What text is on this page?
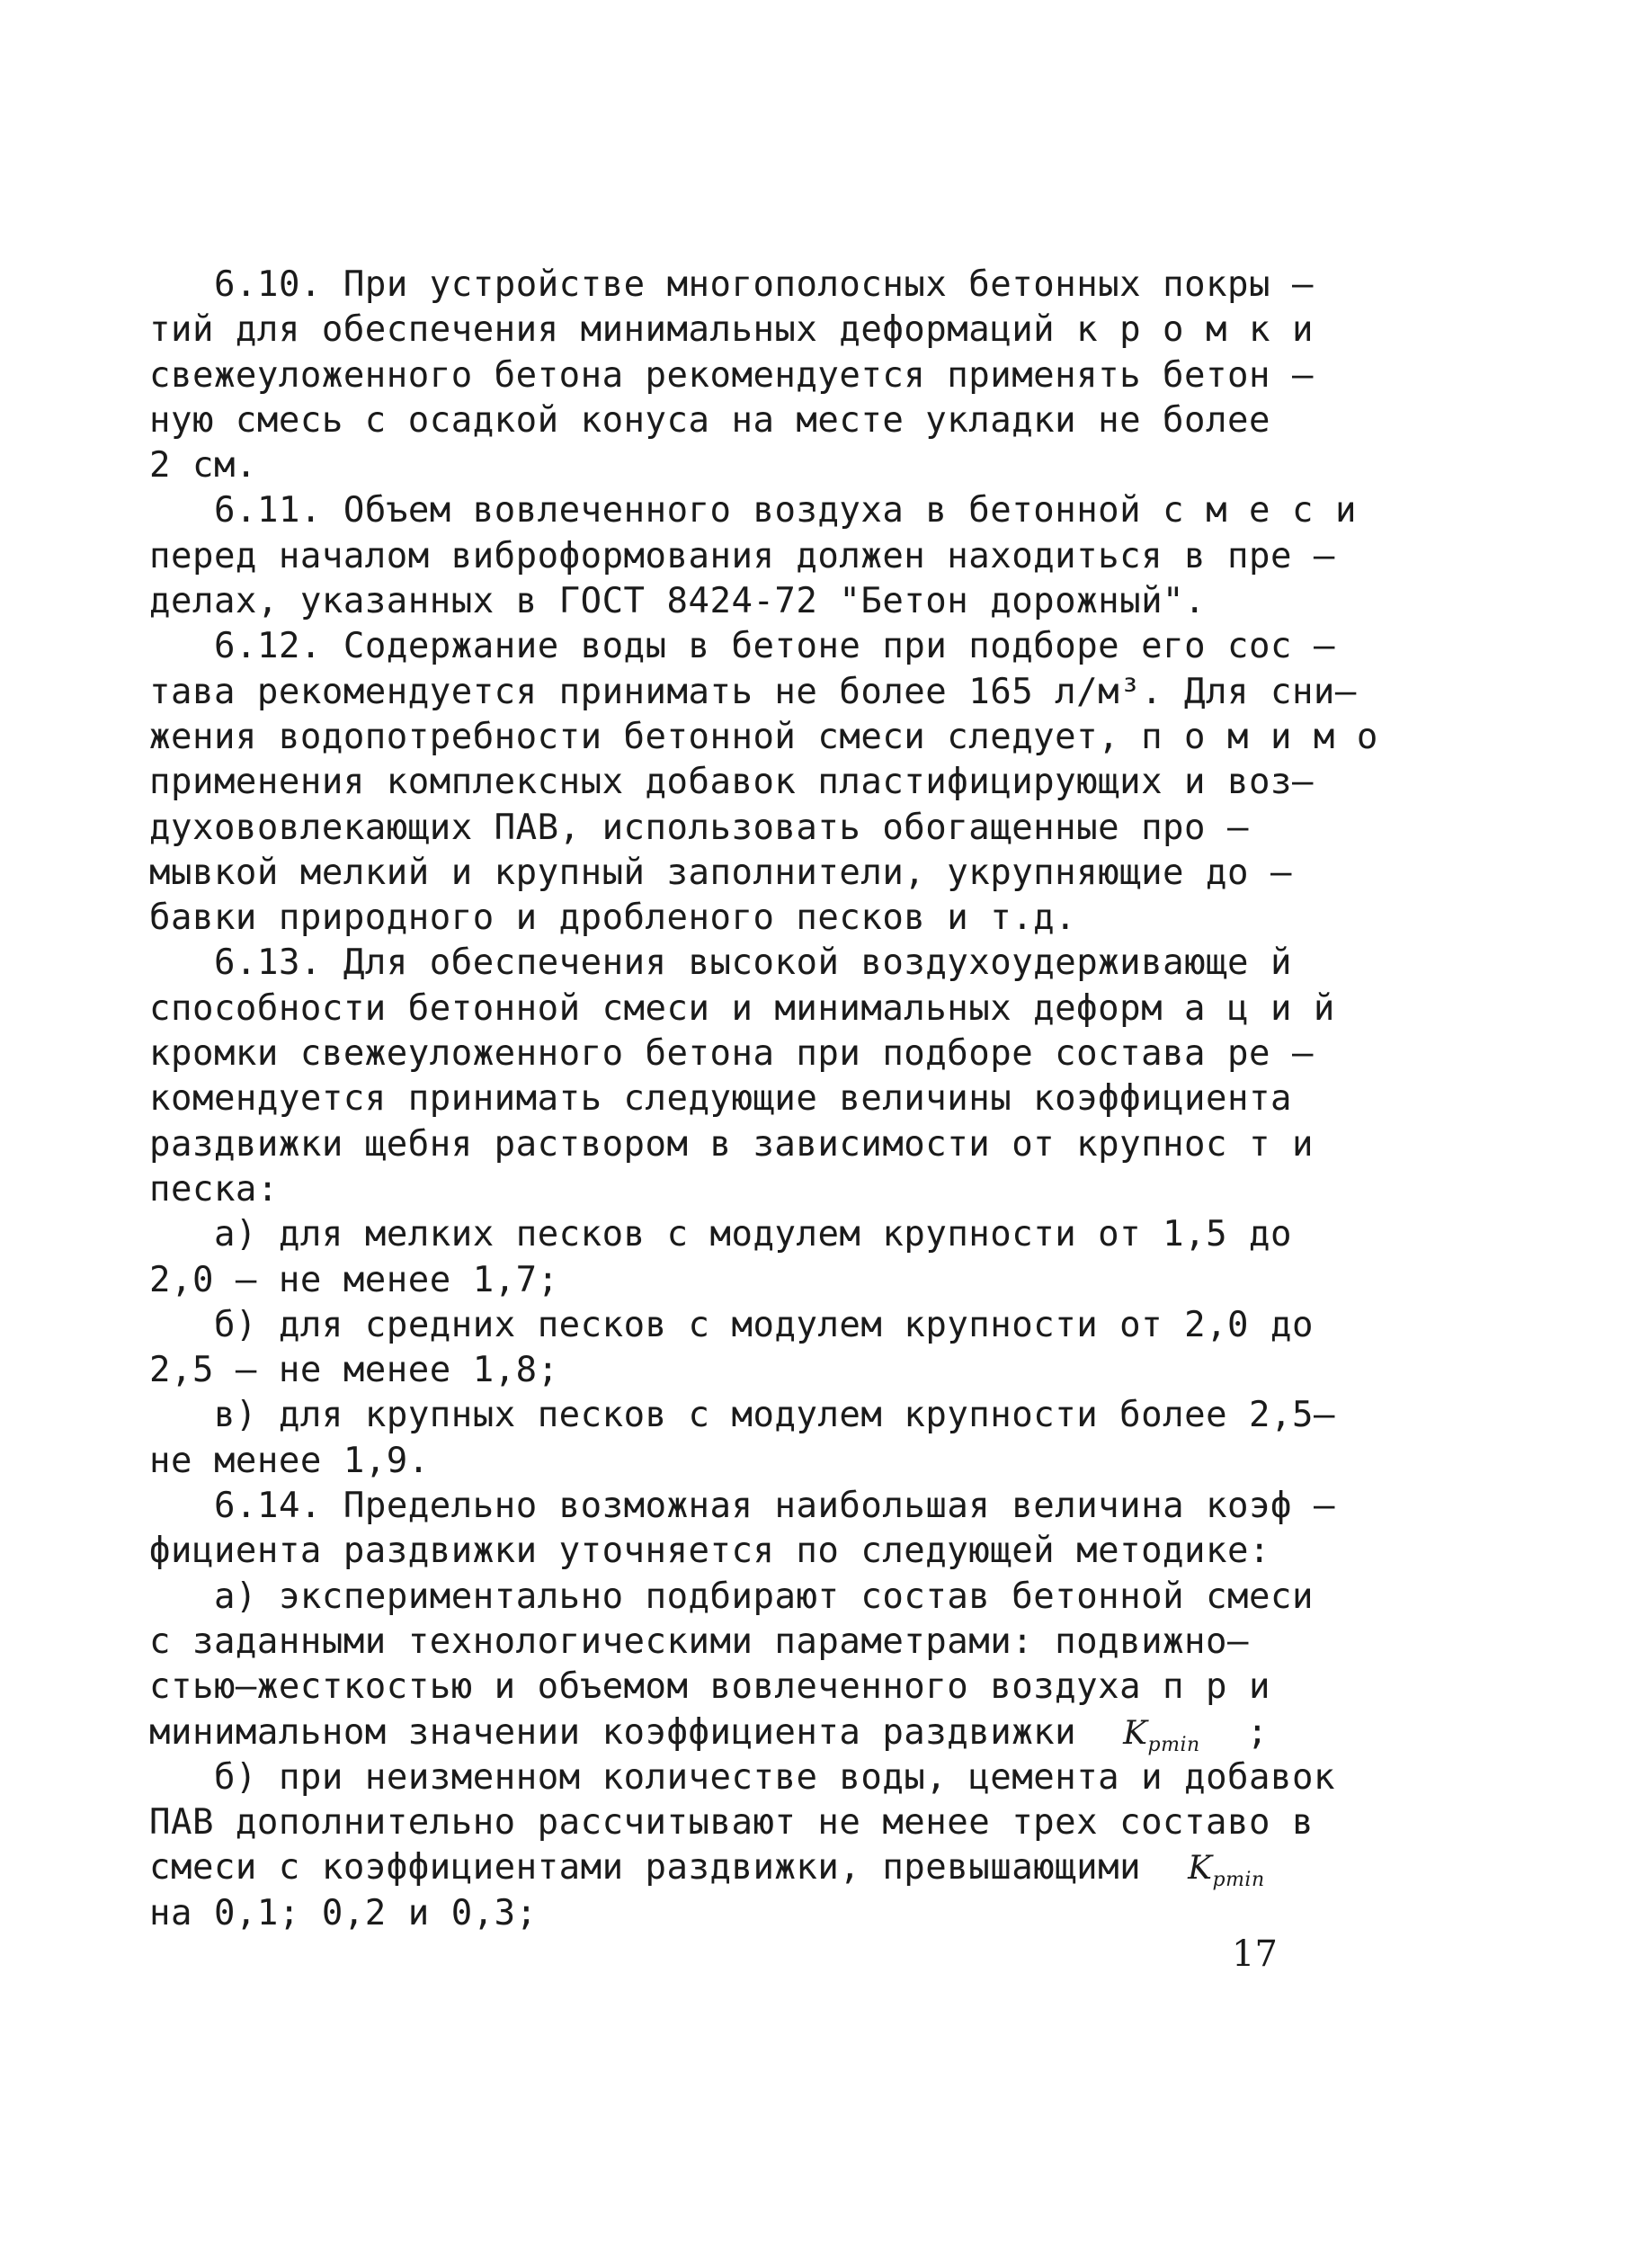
6.10. При устройстве многополосных бетонных покры –
тий для обеспечения минимальных деформаций к р о м к и
свежеуложенного бетона рекомендуется применять бетон –
ную смесь с осадкой конуса на месте укладки не более
2 см.
6.11. Объем вовлеченного воздуха в бетонной с м е с и
перед началом виброформования должен находиться в пре –
делах, указанных в ГОСТ 8424-72 "Бетон дорожный".
6.12. Содержание воды в бетоне при подборе его сос –
тава рекомендуется принимать не более 165 л/м³. Для сни–
жения водопотребности бетонной смеси следует, п о м и м о
применения комплексных добавок пластифицирующих и воз–
духововлекающих ПАВ, использовать обогащенные про –
мывкой мелкий и крупный заполнители, укрупняющие до –
бавки природного и дробленого песков и т.д.
6.13. Для обеспечения высокой воздухоудерживающе й
способности бетонной смеси и минимальных деформ а ц и й
кромки свежеуложенного бетона при подборе состава ре –
комендуется принимать следующие величины коэффициента
раздвижки щебня раствором в зависимости от крупнос т и
песка:
а) для мелких песков с модулем крупности от 1,5 до
2,0 – не менее 1,7;
б) для средних песков с модулем крупности от 2,0 до
2,5 – не менее 1,8;
в) для крупных песков с модулем крупности более 2,5–
не менее 1,9.
6.14. Предельно возможная наибольшая величина коэф –
фициента раздвижки уточняется по следующей методике:
а) экспериментально подбирают состав бетонной смеси
с заданными технологическими параметрами: подвижно–
стью–жесткостью и объемом вовлеченного воздуха п р и
минимальном значении коэффициента раздвижки $K_{pmin}$ ;
б) при неизменном количестве воды, цемента и добавок
ПАВ дополнительно рассчитывают не менее трех составо в
смеси с коэффициентами раздвижки, превышающими $K_{pmin}$
на 0,1; 0,2 и 0,3;
17
